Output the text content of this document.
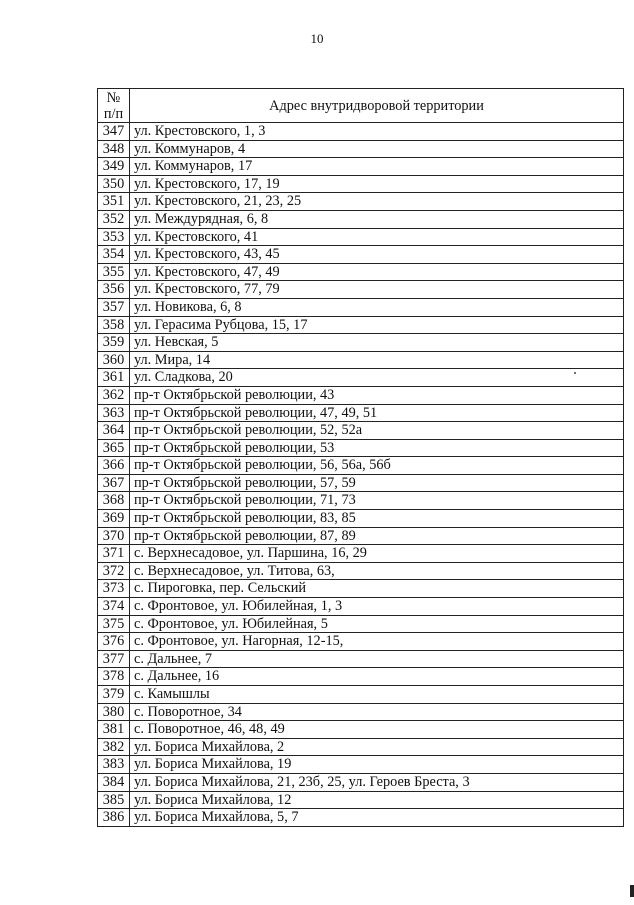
10
№
п/п	Адрес внутридворовой территории
347	ул. Крестовского, 1, 3
348	ул. Коммунаров, 4
349	ул. Коммунаров, 17
350	ул. Крестовского, 17, 19
351	ул. Крестовского, 21, 23, 25
352	ул. Междурядная, 6, 8
353	ул. Крестовского, 41
354	ул. Крестовского, 43, 45
355	ул. Крестовского, 47, 49
356	ул. Крестовского, 77, 79
357	ул. Новикова, 6, 8
358	ул. Герасима Рубцова, 15, 17
359	ул. Невская, 5
360	ул. Мира, 14
361	ул. Сладкова, 20
362	пр-т Октябрьской революции, 43
363	пр-т Октябрьской революции, 47, 49, 51
364	пр-т Октябрьской революции, 52, 52а
365	пр-т Октябрьской революции, 53
366	пр-т Октябрьской революции, 56, 56а, 56б
367	пр-т Октябрьской революции, 57, 59
368	пр-т Октябрьской революции, 71, 73
369	пр-т Октябрьской революции, 83, 85
370	пр-т Октябрьской революции, 87, 89
371	с. Верхнесадовое, ул. Паршина, 16, 29
372	с. Верхнесадовое, ул. Титова, 63,
373	с. Пироговка, пер. Сельский
374	с. Фронтовое, ул. Юбилейная, 1, 3
375	с. Фронтовое, ул. Юбилейная, 5
376	с. Фронтовое, ул. Нагорная, 12-15,
377	с. Дальнее, 7
378	с. Дальнее, 16
379	с. Камышлы
380	с. Поворотное, 34
381	с. Поворотное, 46, 48, 49
382	ул. Бориса Михайлова, 2
383	ул. Бориса Михайлова, 19
384	ул. Бориса Михайлова, 21, 23б, 25, ул. Героев Бреста, 3
385	ул. Бориса Михайлова, 12
386	ул. Бориса Михайлова, 5, 7
